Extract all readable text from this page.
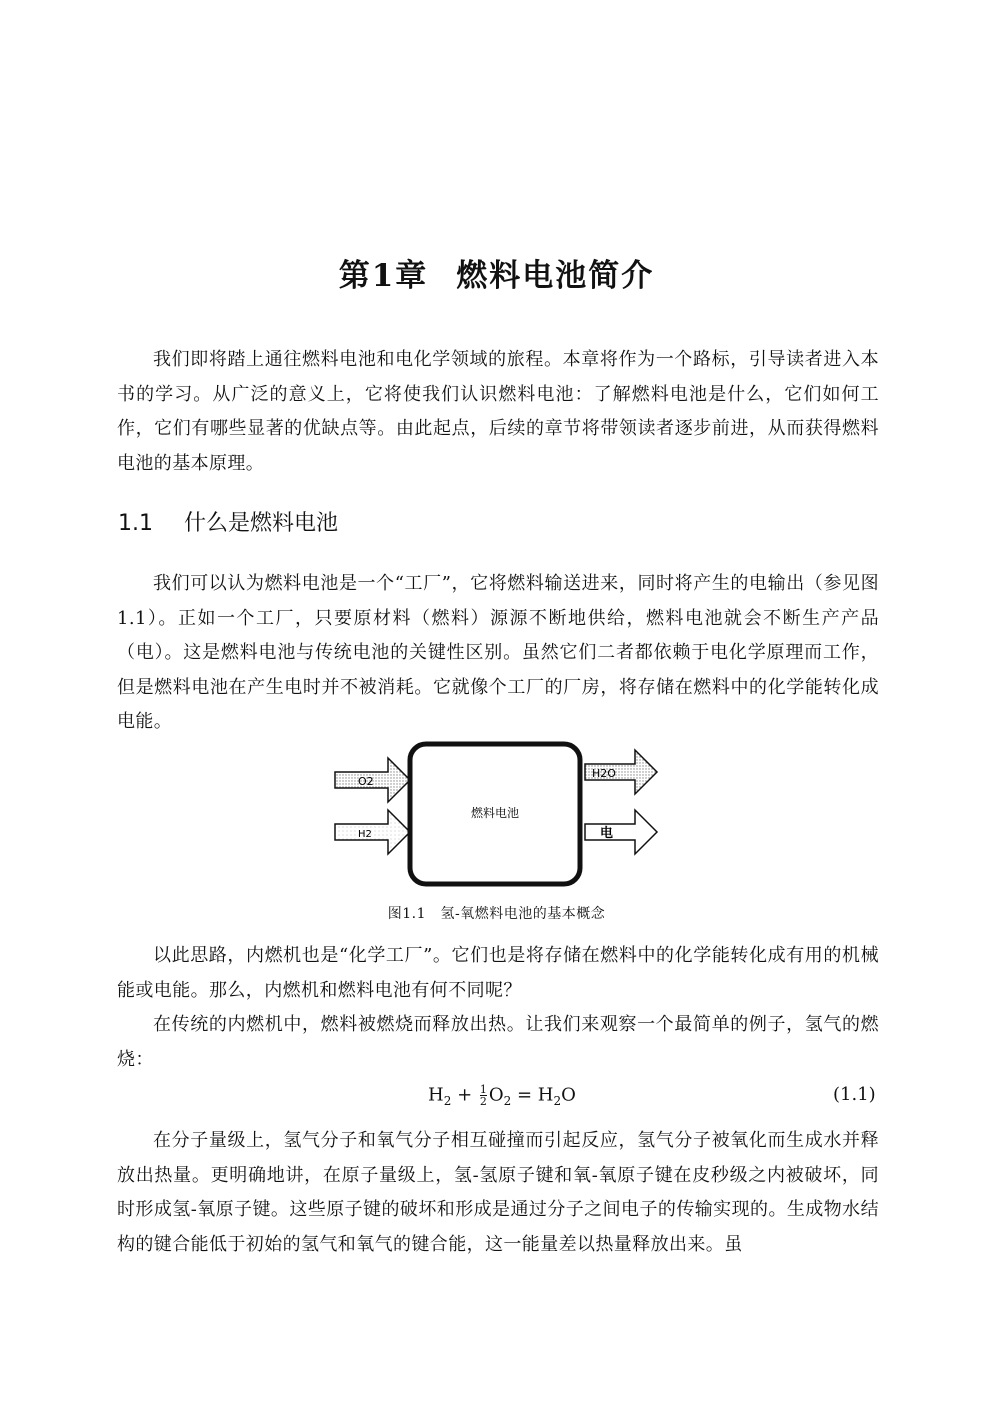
第1章 燃料电池简介

我们即将踏上通往燃料电池和电化学领域的旅程。本章将作为一个路标，引导读者进入本书的学习。从广泛的意义上，它将使我们认识燃料电池：了解燃料电池是什么，它们如何工作，它们有哪些显著的优缺点等。由此起点，后续的章节将带领读者逐步前进，从而获得燃料电池的基本原理。

1.1 什么是燃料电池

我们可以认为燃料电池是一个“工厂”，它将燃料输送进来，同时将产生的电输出（参见图1.1）。正如一个工厂，只要原材料（燃料）源源不断地供给，燃料电池就会不断生产产品（电）。这是燃料电池与传统电池的关键性区别。虽然它们二者都依赖于电化学原理而工作，但是燃料电池在产生电时并不被消耗。它就像个工厂的厂房，将存储在燃料中的化学能转化成电能。

O2
H2
燃料电池
H2O
电

图1.1　氢-氧燃料电池的基本概念

以此思路，内燃机也是“化学工厂”。它们也是将存储在燃料中的化学能转化成有用的机械能或电能。那么，内燃机和燃料电池有何不同呢？

在传统的内燃机中，燃料被燃烧而释放出热。让我们来观察一个最简单的例子，氢气的燃烧：

$H_2 + \frac{1}{2} O_2 = H_2O$	(1.1)

在分子量级上，氢气分子和氧气分子相互碰撞而引起反应，氢气分子被氧化而生成水并释放出热量。更明确地讲，在原子量级上，氢-氢原子键和氧-氧原子键在皮秒级之内被破坏，同时形成氢-氧原子键。这些原子键的破坏和形成是通过分子之间电子的传输实现的。生成物水结构的键合能低于初始的氢气和氧气的键合能，这一能量差以热量释放出来。虽
